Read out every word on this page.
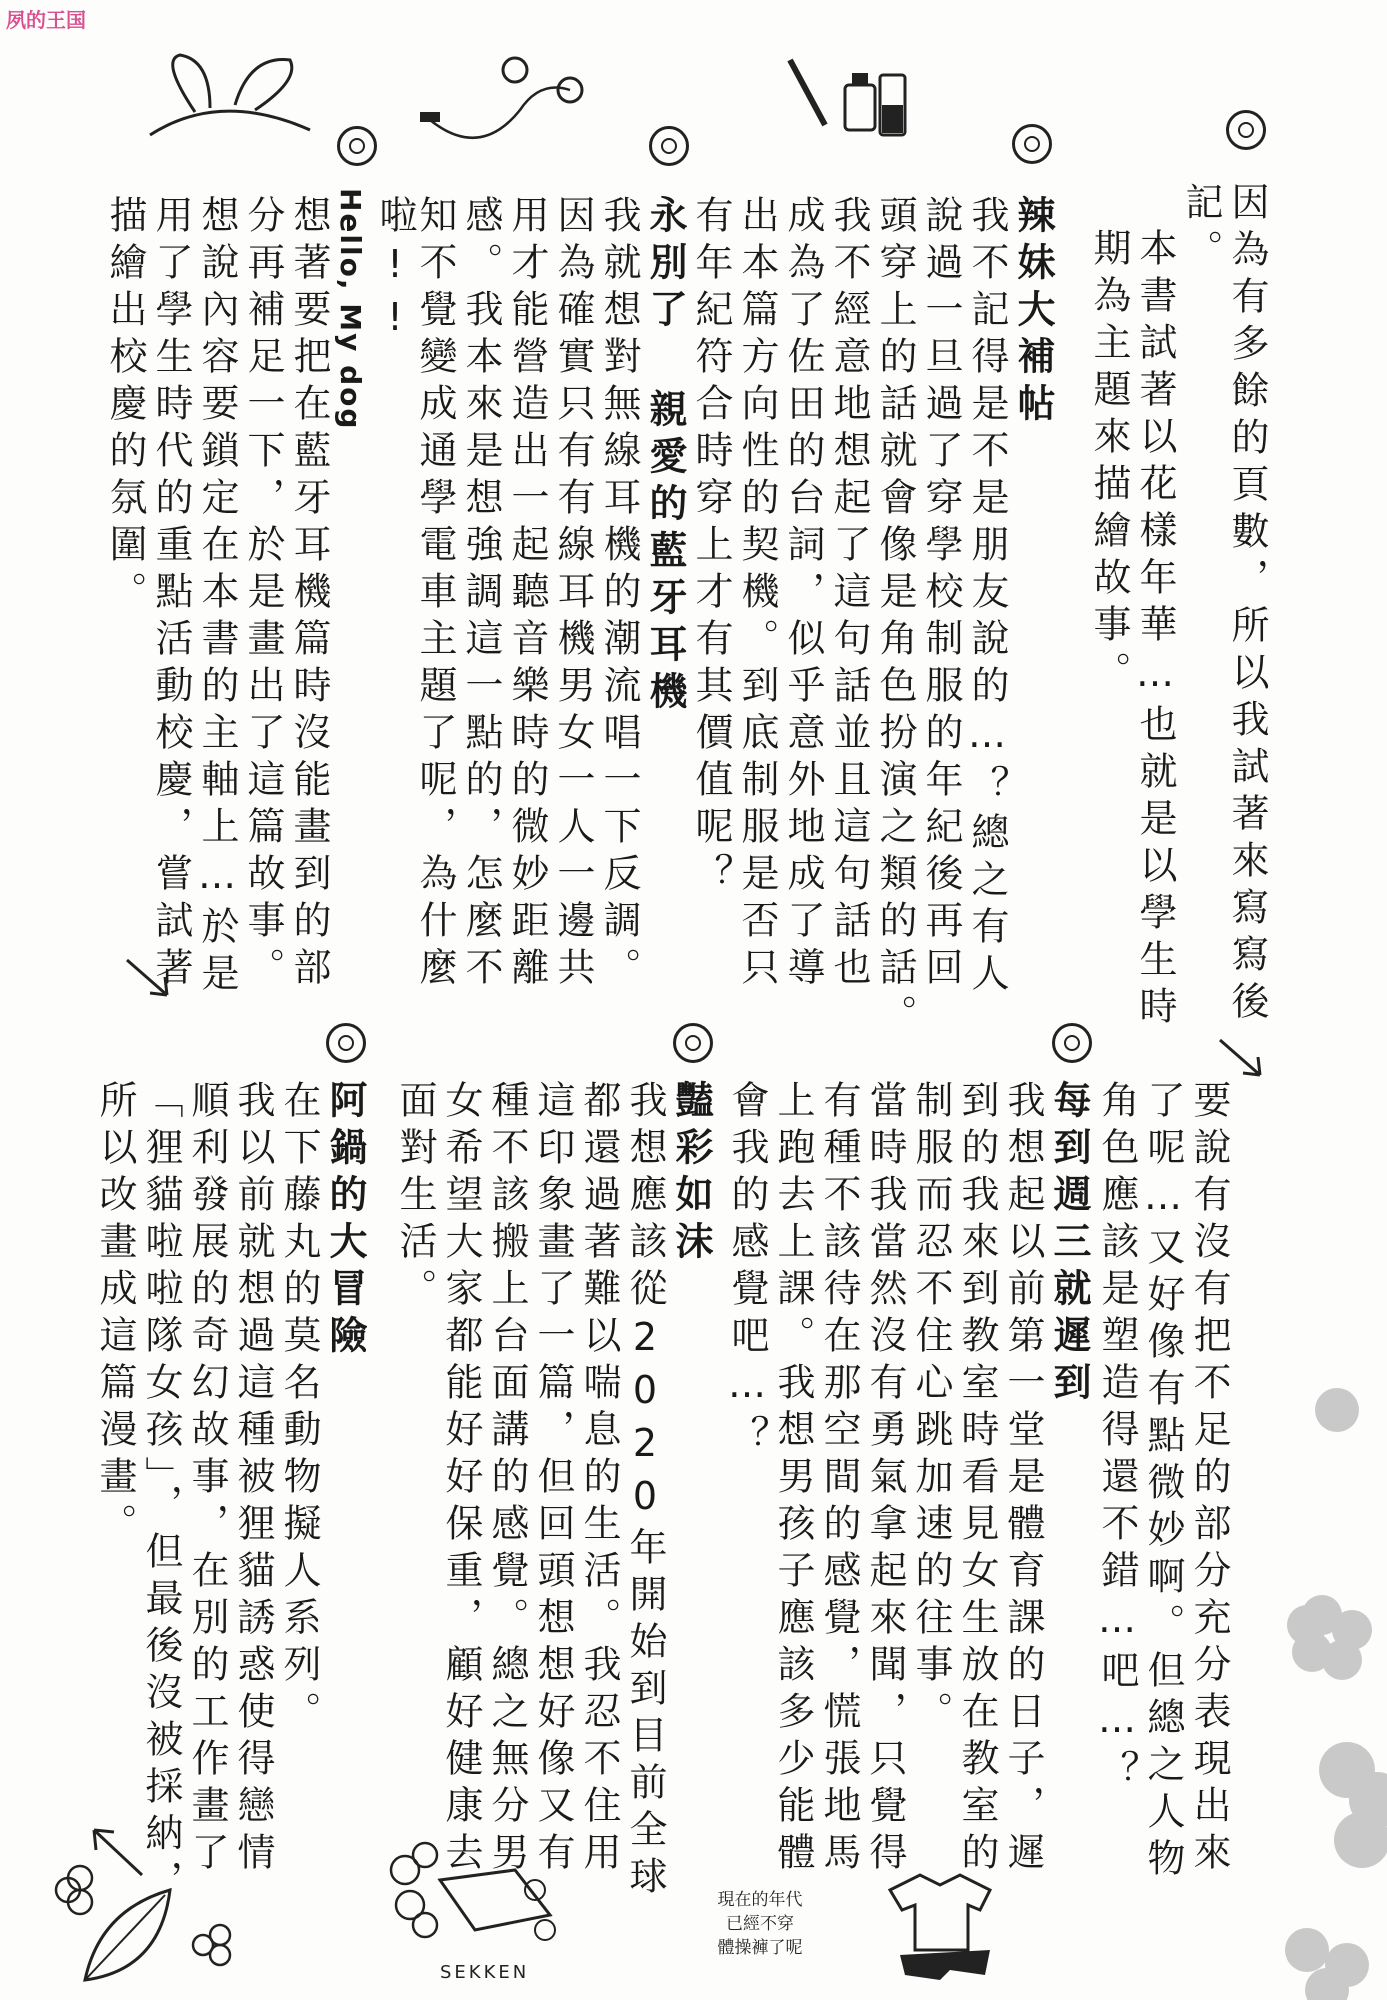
夙的王国
因為有多餘的頁數，所以我試著來寫寫後
記。
本書試著以花樣年華…也就是以學生時
期為主題來描繪故事。
辣妹大補帖
我不記得是不是朋友說的…？總之有人
說過一旦過了穿學校制服的年紀後再回
頭穿上的話就會像是角色扮演之類的話。
我不經意地想起了這句話並且這句話也
成為了佐田的台詞，似乎意外地成了導
出本篇方向性的契機。到底制服是否只
有年紀符合時穿上才有其價值呢？
永別了 親愛的藍牙耳機
我就想對無線耳機的潮流唱一下反調。
因為確實只有有線耳機男女一人一邊共
用才能營造出一起聽音樂時的微妙距離
感。我本來是想強調這一點的，怎麼不
知不覺變成通學電車主題了呢，為什麼
啦!!
Hello, My dog
想著要把在藍牙耳機篇時沒能畫到的部
分再補足一下，於是畫出了這篇故事。
想說內容要鎖定在本書的主軸上…於是
用了學生時代的重點活動校慶，嘗試著
描繪出校慶的氛圍。
要說有沒有把不足的部分充分表現出來
了呢…又好像有點微妙啊。但總之人物
角色應該是塑造得還不錯…吧…？
每到週三就遲到
我想起以前第一堂是體育課的日子，遲
到的我來到教室時看見女生放在教室的
制服而忍不住心跳加速的往事。
當時我當然沒有勇氣拿起來聞，只覺得
有種不該待在那空間的感覺，慌張地馬
上跑去上課。我想男孩子應該多少能體
會我的感覺吧…？
豔彩如沫
我想應該從2020年開始到目前全球
都還過著難以喘息的生活。我忍不住用
這印象畫了一篇，但回頭想想好像又有
種不該搬上台面講的感覺。總之無分男
女希望大家都能好好保重，顧好健康去
面對生活。
阿鍋的大冒險
在下藤丸的莫名動物擬人系列。
我以前就想過這種被狸貓誘惑使得戀情
順利發展的奇幻故事，在別的工作畫了
「狸貓啦啦隊女孩」，但最後沒被採納，
所以改畫成這篇漫畫。
SEKKEN
現在的年代
已經不穿
體操褲了呢
